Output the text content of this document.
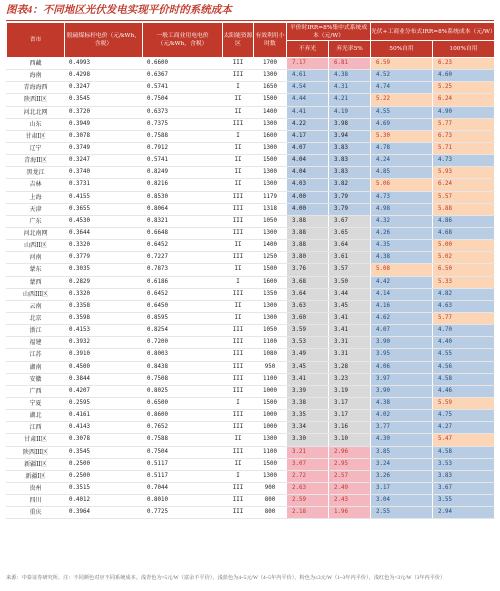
图表4：不同地区光伏发电实现平价时的系统成本
省市	脱硫煤标杆电价（元/kWh，含税）	一般工商业用电电价（元/kWh，含税）	太阳能资源区	有效利用小时数	平价时IRR=8%集中式系统成本（元/W）		光伏+工商业分布式IRR=8%系统成本（元/W）	
					不弃光	弃光率5%	50%自用	100%自用
西藏	0.4993	0.6600	III	1700	7.17	6.81	6.59	6.23
海南	0.4298	0.6367	III	1300	4.61	4.38	4.52	4.60
青海海西	0.3247	0.5741	I	1650	4.54	4.31	4.74	5.25
陕西II区	0.3545	0.7504	II	1500	4.44	4.21	5.22	6.24
河北北网	0.3720	0.6373	II	1400	4.41	4.19	4.55	4.90
山东	0.3949	0.7375	III	1300	4.22	3.98	4.69	5.77
甘肃I区	0.3078	0.7588	I	1600	4.17	3.94	5.30	6.73
辽宁	0.3749	0.7912	II	1300	4.07	3.83	4.78	5.71
青海II区	0.3247	0.5741	II	1500	4.04	3.83	4.24	4.73
黑龙江	0.3740	0.8249	II	1300	4.04	3.83	4.85	5.93
吉林	0.3731	0.8216	II	1300	4.03	3.82	5.06	6.24
上海	0.4155	0.8530	III	1179	4.00	3.79	4.73	5.57
天津	0.3655	0.8064	III	1318	4.00	3.79	4.98	5.88
广东	0.4530	0.8321	III	1050	3.88	3.67	4.32	4.86
河北南网	0.3644	0.6648	III	1300	3.88	3.65	4.26	4.68
山西II区	0.3320	0.6452	II	1400	3.88	3.64	4.35	5.00
河南	0.3779	0.7227	III	1250	3.80	3.61	4.38	5.02
蒙东	0.3035	0.7873	II	1500	3.76	3.57	5.08	6.50
蒙西	0.2829	0.6186	I	1600	3.68	3.50	4.42	5.33
山西III区	0.3320	0.6452	III	1350	3.64	3.44	4.14	4.82
云南	0.3358	0.6450	II	1300	3.63	3.45	4.16	4.63
北京	0.3598	0.8595	II	1300	3.60	3.41	4.62	5.77
浙江	0.4153	0.8254	III	1050	3.59	3.41	4.07	4.70
福建	0.3932	0.7200	III	1100	3.53	3.31	3.90	4.40
江苏	0.3910	0.8003	III	1080	3.49	3.31	3.95	4.55
湖南	0.4500	0.8438	III	950	3.45	3.28	4.06	4.56
安徽	0.3844	0.7508	III	1100	3.41	3.23	3.97	4.58
广西	0.4207	0.8025	III	1000	3.39	3.19	3.90	4.46
宁夏	0.2595	0.6500	I	1500	3.38	3.17	4.38	5.59
湖北	0.4161	0.8600	III	1000	3.35	3.17	4.02	4.75
江西	0.4143	0.7652	III	1000	3.34	3.16	3.77	4.27
甘肃II区	0.3078	0.7588	II	1300	3.30	3.10	4.30	5.47
陕西III区	0.3545	0.7504	III	1100	3.21	2.96	3.85	4.58
新疆II区	0.2500	0.5117	II	1500	3.07	2.95	3.24	3.53
新疆I区	0.2500	0.5117	I	1300	2.72	2.57	3.26	3.83
贵州	0.3515	0.7044	III	900	2.63	2.49	3.17	3.67
四川	0.4012	0.8010	III	800	2.59	2.43	3.04	3.55
重庆	0.3964	0.7725	III	800	2.18	1.96	2.55	2.94
来源：中泰证券研究所。注：不同颜色对应不同系统成本。浅青色为>5元/W（富余不平价），浅蓝色为4~5元/W（4~5年内平价），粉色为≤3元/W（1~3年内平价），浅红色为<3元/W（3年内平价）
